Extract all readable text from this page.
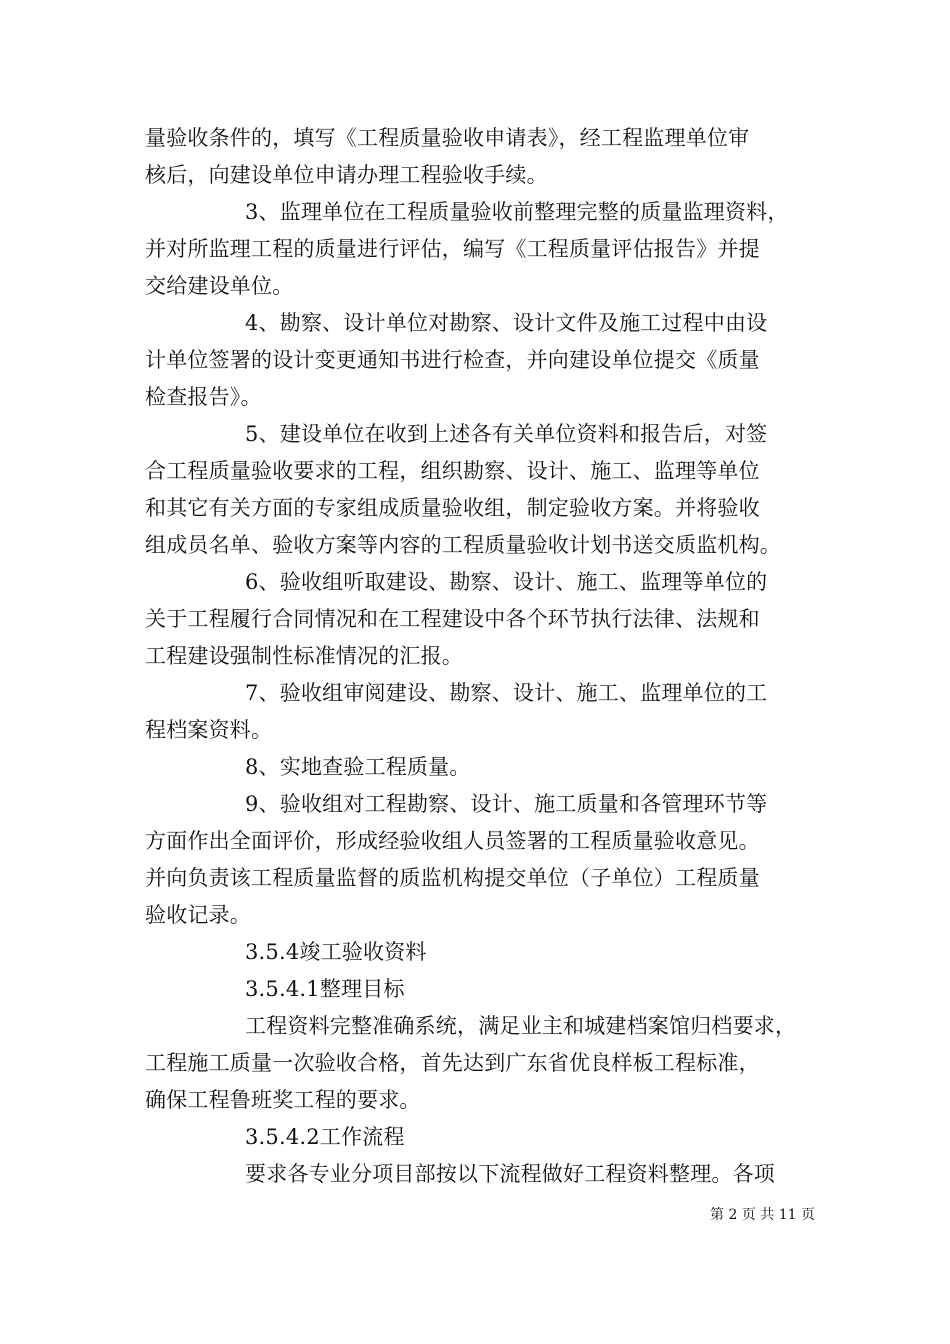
量验收条件的，填写《工程质量验收申请表》，经工程监理单位审
核后，向建设单位申请办理工程验收手续。
3、监理单位在工程质量验收前整理完整的质量监理资料，
并对所监理工程的质量进行评估，编写《工程质量评估报告》并提
交给建设单位。
4、勘察、设计单位对勘察、设计文件及施工过程中由设
计单位签署的设计变更通知书进行检查，并向建设单位提交《质量
检查报告》。
5、建设单位在收到上述各有关单位资料和报告后，对签
合工程质量验收要求的工程，组织勘察、设计、施工、监理等单位
和其它有关方面的专家组成质量验收组，制定验收方案。并将验收
组成员名单、验收方案等内容的工程质量验收计划书送交质监机构。
6、验收组听取建设、勘察、设计、施工、监理等单位的
关于工程履行合同情况和在工程建设中各个环节执行法律、法规和
工程建设强制性标准情况的汇报。
7、验收组审阅建设、勘察、设计、施工、监理单位的工
程档案资料。
8、实地查验工程质量。
9、验收组对工程勘察、设计、施工质量和各管理环节等
方面作出全面评价，形成经验收组人员签署的工程质量验收意见。
并向负责该工程质量监督的质监机构提交单位（子单位）工程质量
验收记录。
3.5.4竣工验收资料
3.5.4.1整理目标
工程资料完整准确系统，满足业主和城建档案馆归档要求，
工程施工质量一次验收合格，首先达到广东省优良样板工程标准，
确保工程鲁班奖工程的要求。
3.5.4.2工作流程
要求各专业分项目部按以下流程做好工程资料整理。各项
第 2 页 共 11 页
